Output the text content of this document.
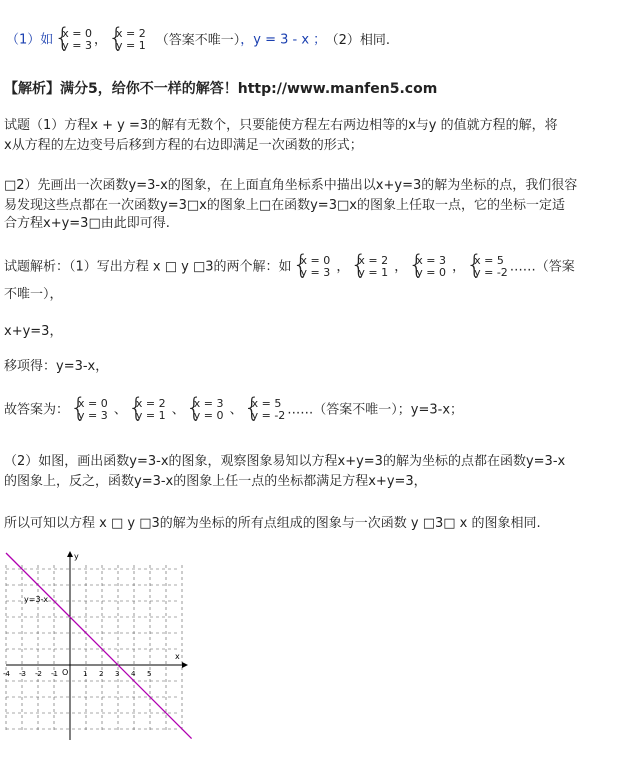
（1）如 { x = 0
y = 3 ， { x = 2
y = 1 （答案不唯一），y = 3 - x ； （2）相同.
【解析】满分5，给你不一样的解答！http://www.manfen5.com
试题（1）方程x + y =3的解有无数个，只要能使方程左右两边相等的x与y 的值就方程的解，将
x从方程的左边变号后移到方程的右边即满足一次函数的形式；
□2）先画出一次函数y=3-x的图象，在上面直角坐标系中描出以x+y=3的解为坐标的点，我们很容
易发现这些点都在一次函数y=3□x的图象上□在函数y=3□x的图象上任取一点，它的坐标一定适
合方程x+y=3□由此即可得.
试题解析：（1）写出方程 x □ y □3的两个解：如 { x = 0
y = 3 ， { x = 2
y = 1 ， { x = 3
y = 0 ， { x = 5
y = -2 ……（答案
不唯一），
x+y=3，
移项得：y=3-x，
故答案为： { x = 0
y = 3 、 { x = 2
y = 1 、 { x = 3
y = 0 、 { x = 5
y = -2 ……（答案不唯一）；y=3-x；
（2）如图，画出函数y=3-x的图象，观察图象易知以方程x+y=3的解为坐标的点都在函数y=3-x
的图象上，反之，函数y=3-x的图象上任一点的坐标都满足方程x+y=3，
所以可知以方程 x □ y □3的解为坐标的所有点组成的图象与一次函数 y □3□ x 的图象相同.
x
y
O
-4 -3 -2 -1	1 2 3 4 5
y=3-x
